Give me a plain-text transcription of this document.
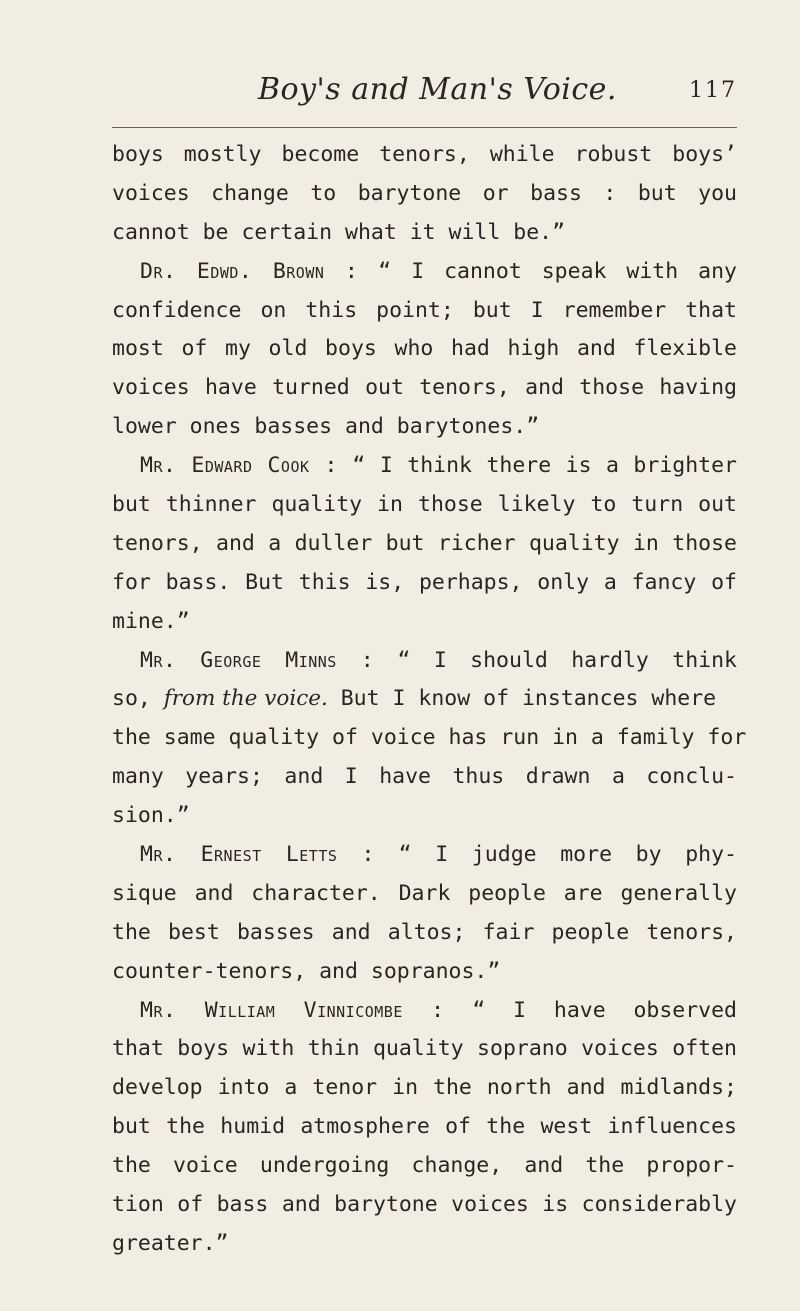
Boy's and Man's Voice.	117
boys mostly become tenors, while robust boys’
voices change to barytone or bass : but you
cannot be certain what it will be.”
Dr. Edwd. Brown : “ I cannot speak with any
confidence on this point; but I remember that
most of my old boys who had high and flexible
voices have turned out tenors, and those having
lower ones basses and barytones.”
Mr. Edward Cook : “ I think there is a brighter
but thinner quality in those likely to turn out
tenors, and a duller but richer quality in those
for bass. But this is, perhaps, only a fancy of
mine.”
Mr. George Minns : “ I should hardly think
so, from the voice. But I know of instances where
the same quality of voice has run in a family for
many years; and I have thus drawn a conclu-
sion.”
Mr. Ernest Letts : “ I judge more by phy-
sique and character. Dark people are generally
the best basses and altos; fair people tenors,
counter-tenors, and sopranos.”
Mr. William Vinnicombe : “ I have observed
that boys with thin quality soprano voices often
develop into a tenor in the north and midlands;
but the humid atmosphere of the west influences
the voice undergoing change, and the propor-
tion of bass and barytone voices is considerably
greater.”
